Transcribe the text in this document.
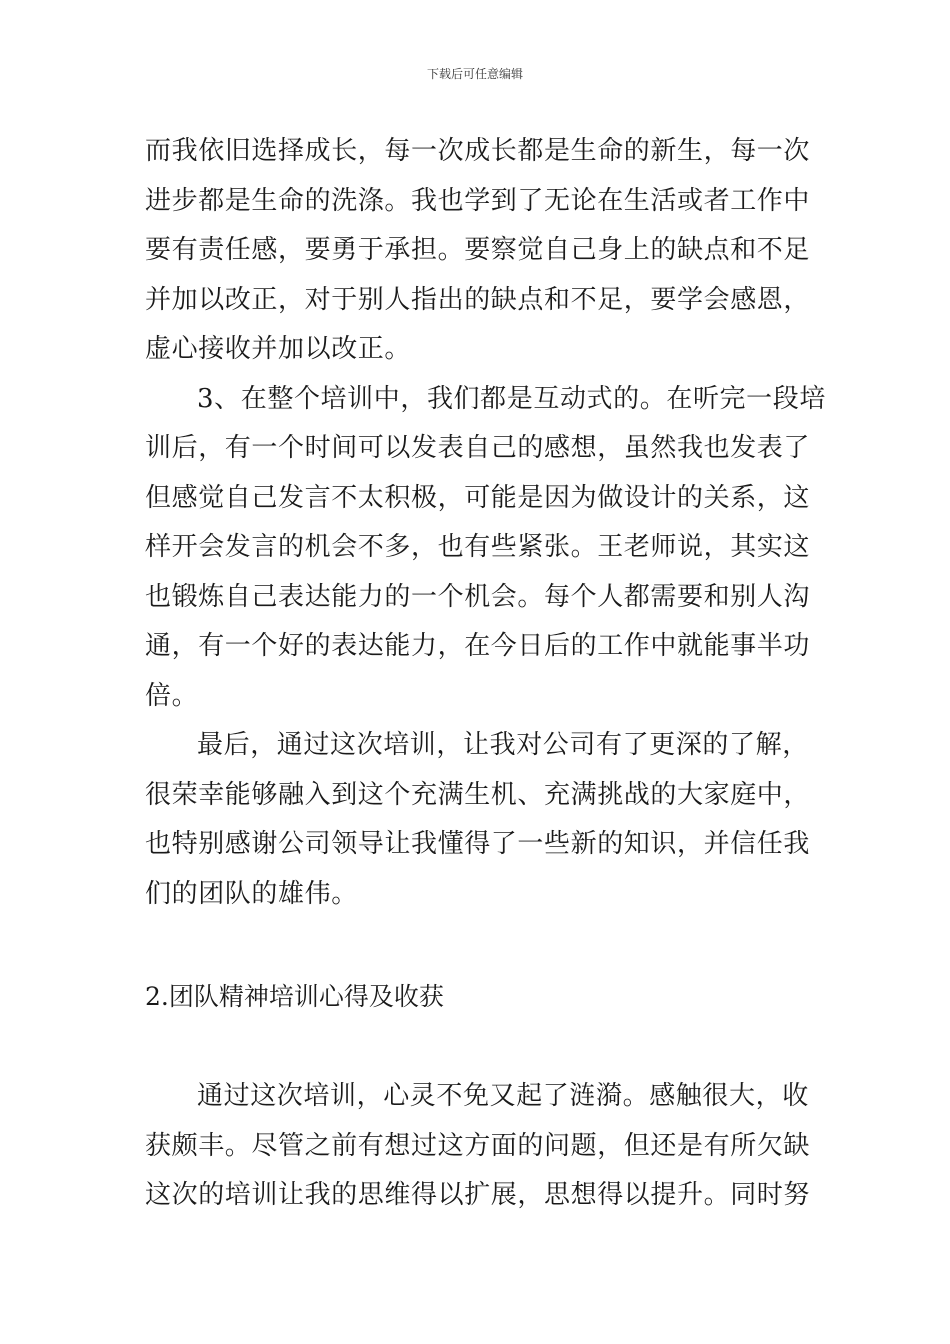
下载后可任意编辑
而我依旧选择成长，每一次成长都是生命的新生，每一次
进步都是生命的洗涤。我也学到了无论在生活或者工作中
要有责任感，要勇于承担。要察觉自己身上的缺点和不足
并加以改正，对于别人指出的缺点和不足，要学会感恩，
虚心接收并加以改正。
3、在整个培训中，我们都是互动式的。在听完一段培
训后，有一个时间可以发表自己的感想，虽然我也发表了
但感觉自己发言不太积极，可能是因为做设计的关系，这
样开会发言的机会不多，也有些紧张。王老师说，其实这
也锻炼自己表达能力的一个机会。每个人都需要和别人沟
通，有一个好的表达能力，在今日后的工作中就能事半功
倍。
最后，通过这次培训，让我对公司有了更深的了解，
很荣幸能够融入到这个充满生机、充满挑战的大家庭中，
也特别感谢公司领导让我懂得了一些新的知识，并信任我
们的团队的雄伟。
2.团队精神培训心得及收获
通过这次培训，心灵不免又起了涟漪。感触很大，收
获颇丰。尽管之前有想过这方面的问题，但还是有所欠缺
这次的培训让我的思维得以扩展，思想得以提升。同时努
